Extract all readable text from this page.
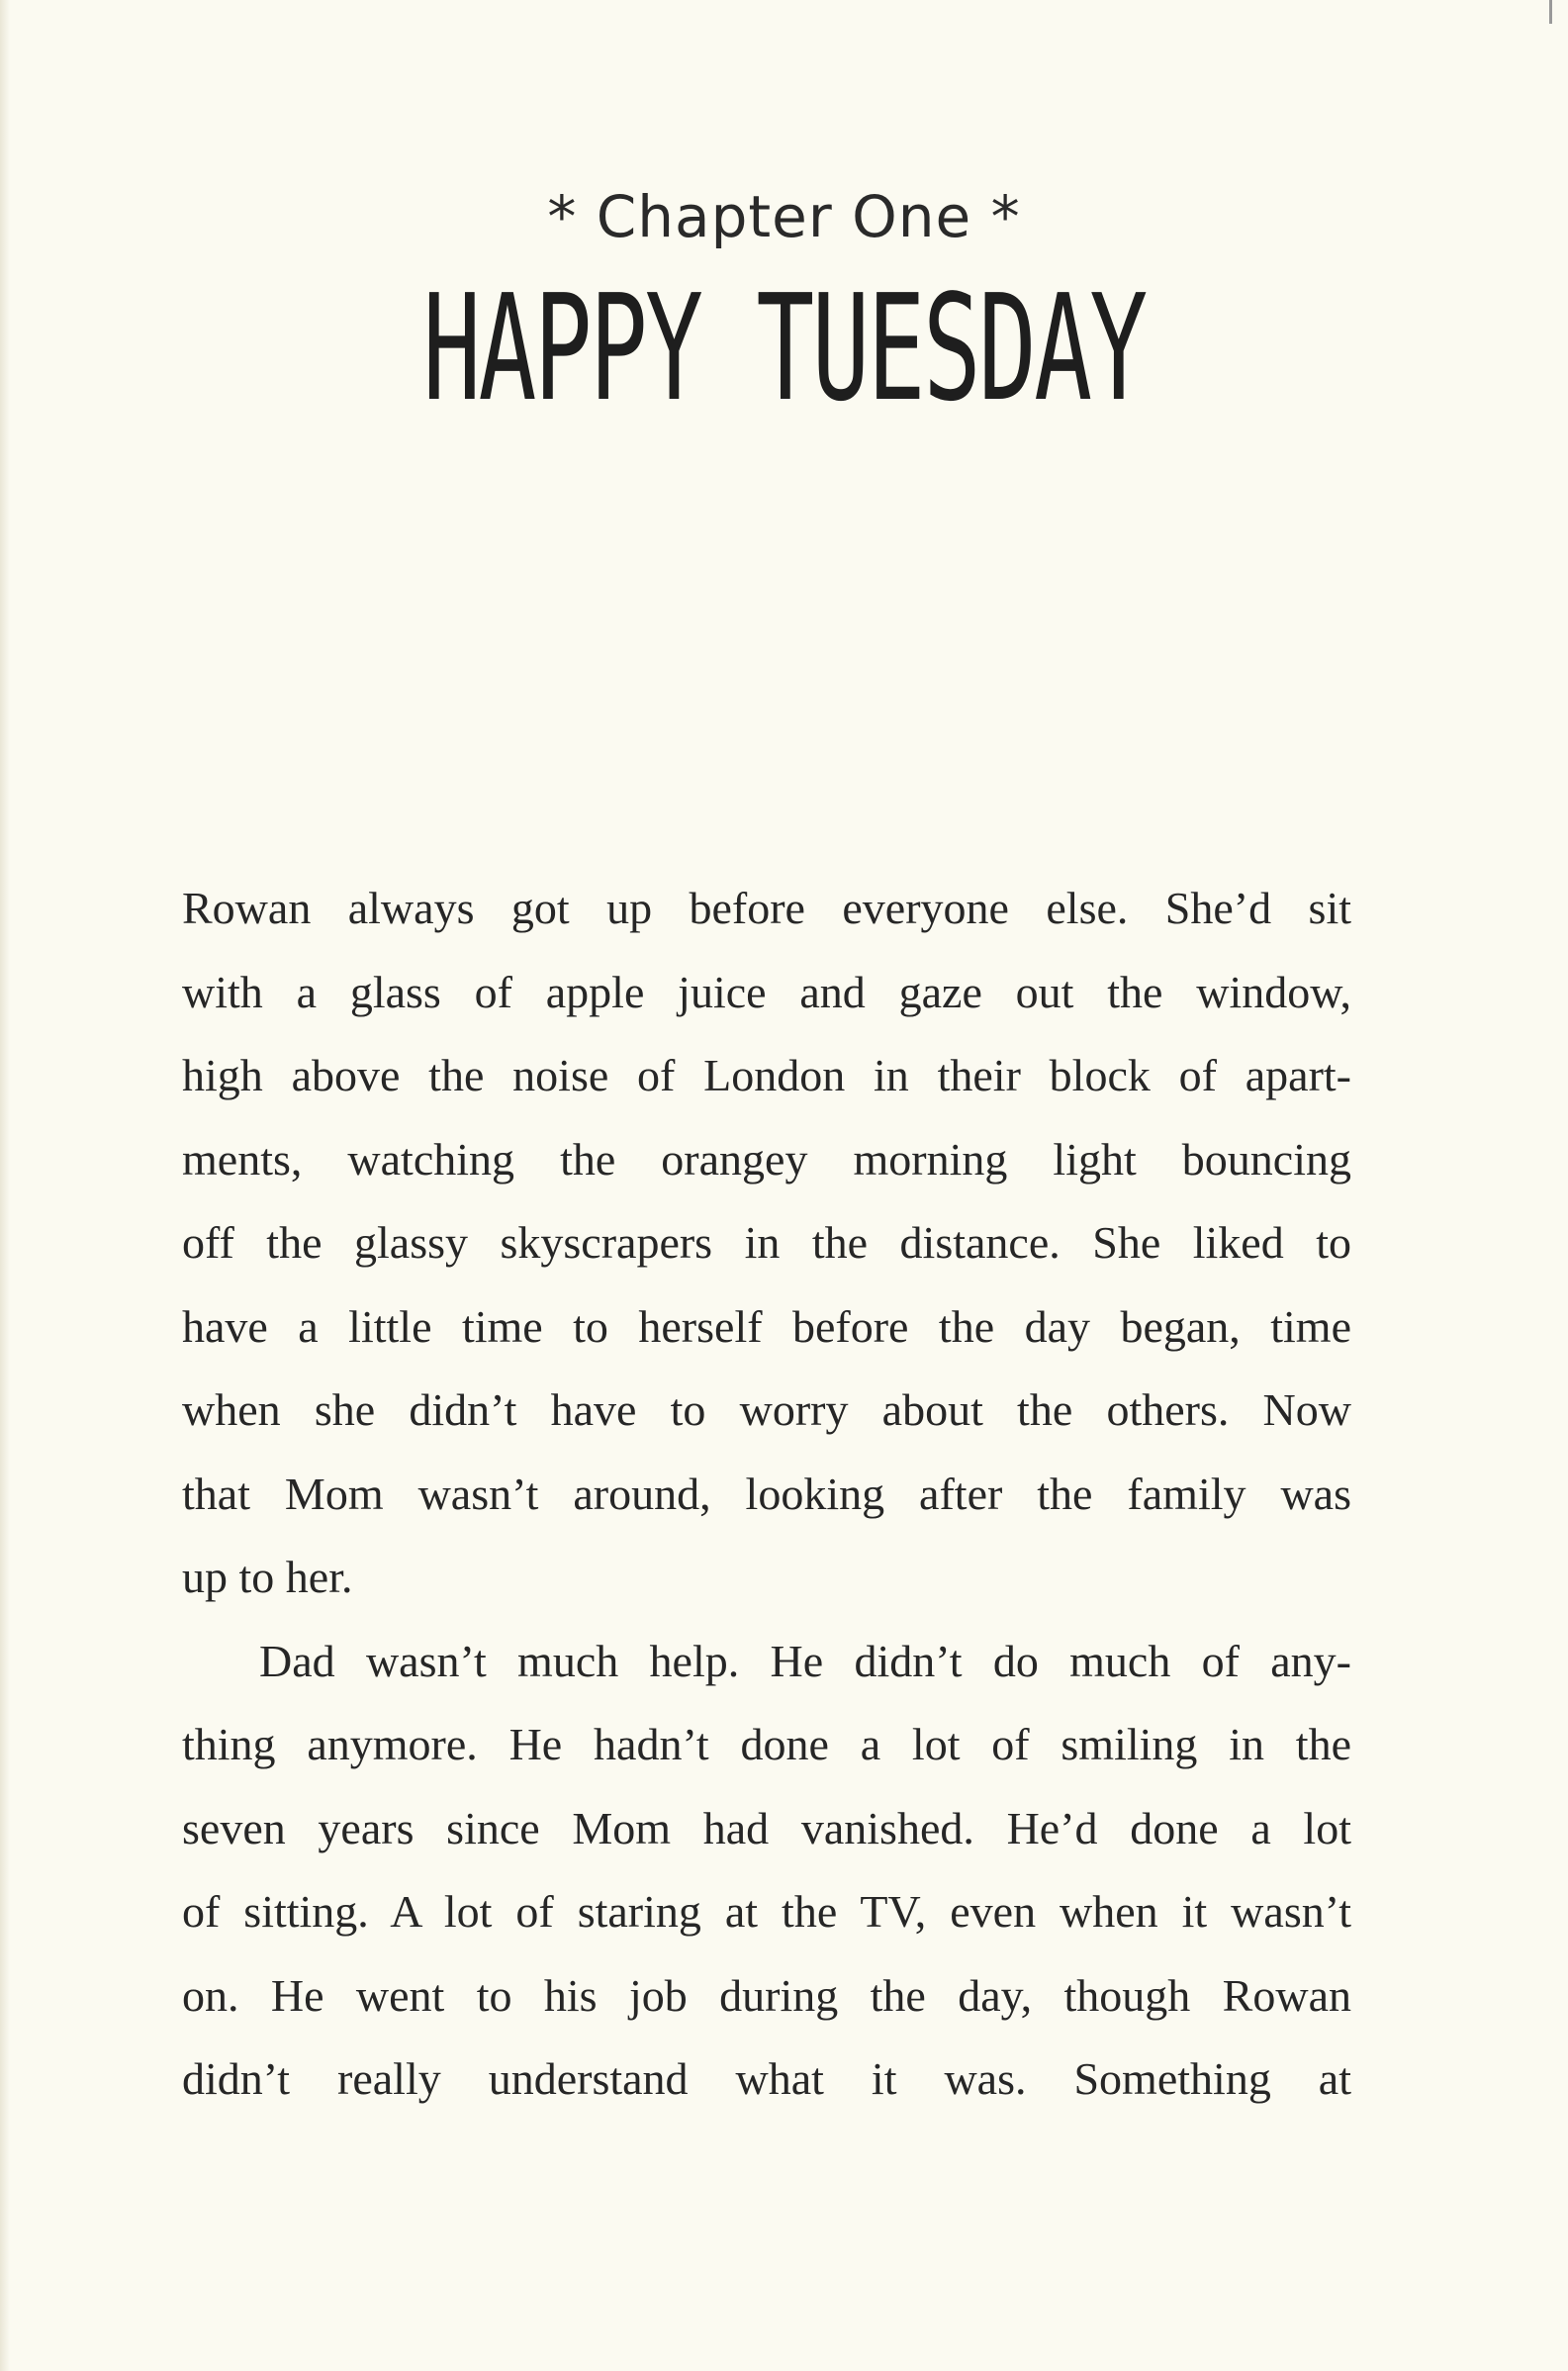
* Chapter One *
HAPPY TUESDAY
Rowan always got up before everyone else. She’d sit
with a glass of apple juice and gaze out the window,
high above the noise of London in their block of apart-
ments, watching the orangey morning light bouncing
off the glassy skyscrapers in the distance. She liked to
have a little time to herself before the day began, time
when she didn’t have to worry about the others. Now
that Mom wasn’t around, looking after the family was
up to her.
Dad wasn’t much help. He didn’t do much of any-
thing anymore. He hadn’t done a lot of smiling in the
seven years since Mom had vanished. He’d done a lot
of sitting. A lot of staring at the TV, even when it wasn’t
on. He went to his job during the day, though Rowan
didn’t really understand what it was. Something at
